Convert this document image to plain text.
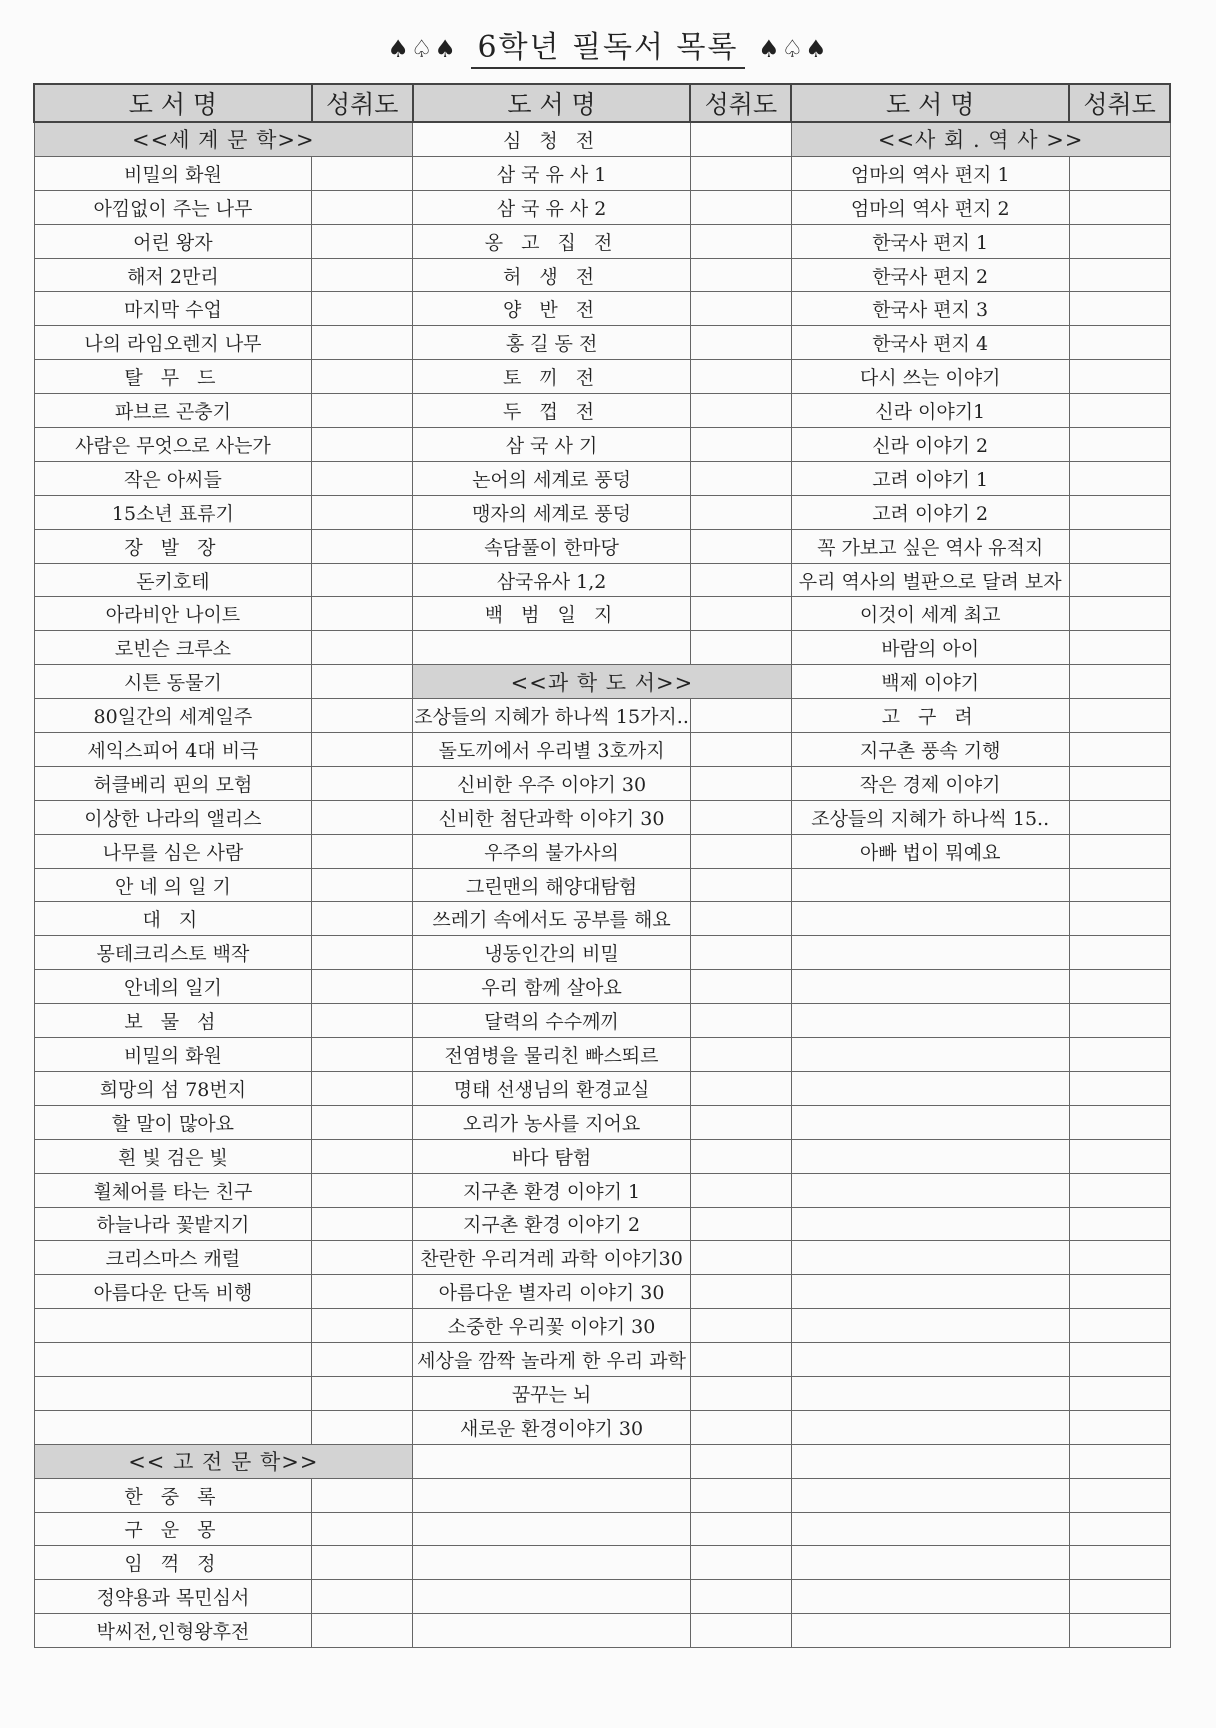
♠♤♠ 6학년 필독서 목록 ♠♤♠
도 서 명	성취도	도 서 명	성취도	도 서 명	성취도
<<세 계 문 학>>		심 청 전		<<사 회 . 역 사 >>	
비밀의 화원		삼 국 유 사 1		엄마의 역사 편지 1	
아낌없이 주는 나무		삼 국 유 사 2		엄마의 역사 편지 2	
어린 왕자		옹 고 집 전		한국사 편지 1	
해저 2만리		허 생 전		한국사 편지 2	
마지막 수업		양 반 전		한국사 편지 3	
나의 라임오렌지 나무		홍 길 동 전		한국사 편지 4	
탈 무 드		토 끼 전		다시 쓰는 이야기	
파브르 곤충기		두 껍 전		신라 이야기1	
사람은 무엇으로 사는가		삼 국 사 기		신라 이야기 2	
작은 아씨들		논어의 세계로 풍덩		고려 이야기 1	
15소년 표류기		맹자의 세계로 풍덩		고려 이야기 2	
장 발 장		속담풀이 한마당		꼭 가보고 싶은 역사 유적지	
돈키호테		삼국유사 1,2		우리 역사의 벌판으로 달려 보자	
아라비안 나이트		백 범 일 지		이것이 세계 최고	
로빈슨 크루소				바람의 아이	
시튼 동물기		<<과 학 도 서>>		백제 이야기	
80일간의 세계일주		조상들의 지혜가 하나씩 15가지..		고 구 려	
세익스피어 4대 비극		돌도끼에서 우리별 3호까지		지구촌 풍속 기행	
허클베리 핀의 모험		신비한 우주 이야기 30		작은 경제 이야기	
이상한 나라의 앨리스		신비한 첨단과학 이야기 30		조상들의 지혜가 하나씩 15..	
나무를 심은 사람		우주의 불가사의		아빠 법이 뭐예요	
안 네 의 일 기		그린맨의 해양대탐험			
대 지		쓰레기 속에서도 공부를 해요			
몽테크리스토 백작		냉동인간의 비밀			
안네의 일기		우리 함께 살아요			
보 물 섬		달력의 수수께끼			
비밀의 화원		전염병을 물리친 빠스뙤르			
희망의 섬 78번지		명태 선생님의 환경교실			
할 말이 많아요		오리가 농사를 지어요			
흰 빛 검은 빛		바다 탐험			
휠체어를 타는 친구		지구촌 환경 이야기 1			
하늘나라 꽃밭지기		지구촌 환경 이야기 2			
크리스마스 캐럴		찬란한 우리겨레 과학 이야기30			
아름다운 단독 비행		아름다운 별자리 이야기 30			
		소중한 우리꽃 이야기 30			
		세상을 깜짝 놀라게 한 우리 과학			
		꿈꾸는 뇌			
		새로운 환경이야기 30			
<< 고 전 문 학>>					
한 중 록					
구 운 몽					
임 꺽 정					
정약용과 목민심서					
박씨전,인형왕후전					
